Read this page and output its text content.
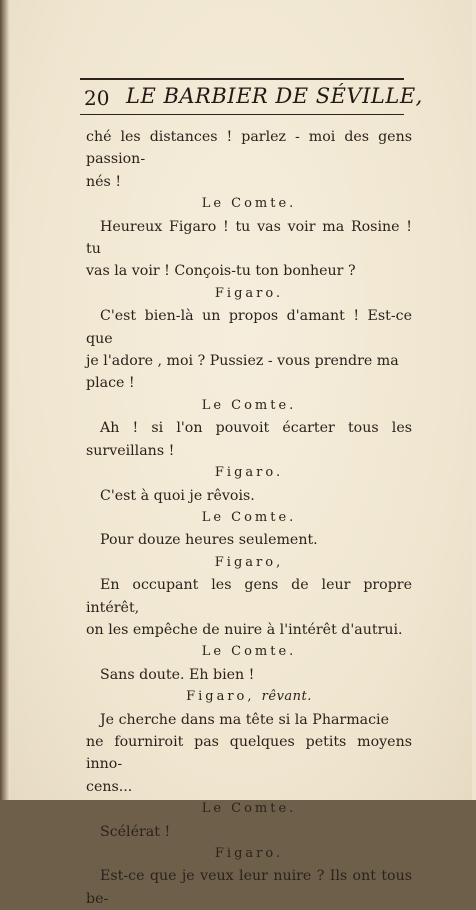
20 LE BARBIER DE SÉVILLE,

ché les distances ! parlez - moi des gens passion-

nés !

Le Comte.

Heureux Figaro ! tu vas voir ma Rosine ! tu

vas la voir ! Conçois-tu ton bonheur ?

Figaro.

C'est bien-là un propos d'amant ! Est-ce que

je l'adore , moi ? Pussiez - vous prendre ma

place !

Le Comte.

Ah ! si l'on pouvoit écarter tous les surveillans !

Figaro.

C'est à quoi je rêvois.

Le Comte.

Pour douze heures seulement.

Figaro,

En occupant les gens de leur propre intérêt,

on les empêche de nuire à l'intérêt d'autrui.

Le Comte.

Sans doute. Eh bien !

Figaro, rêvant.

Je cherche dans ma tête si la Pharmacie

ne fourniroit pas quelques petits moyens inno-

cens...

Le Comte.

Scélérat !

Figaro.

Est-ce que je veux leur nuire ? Ils ont tous be-
